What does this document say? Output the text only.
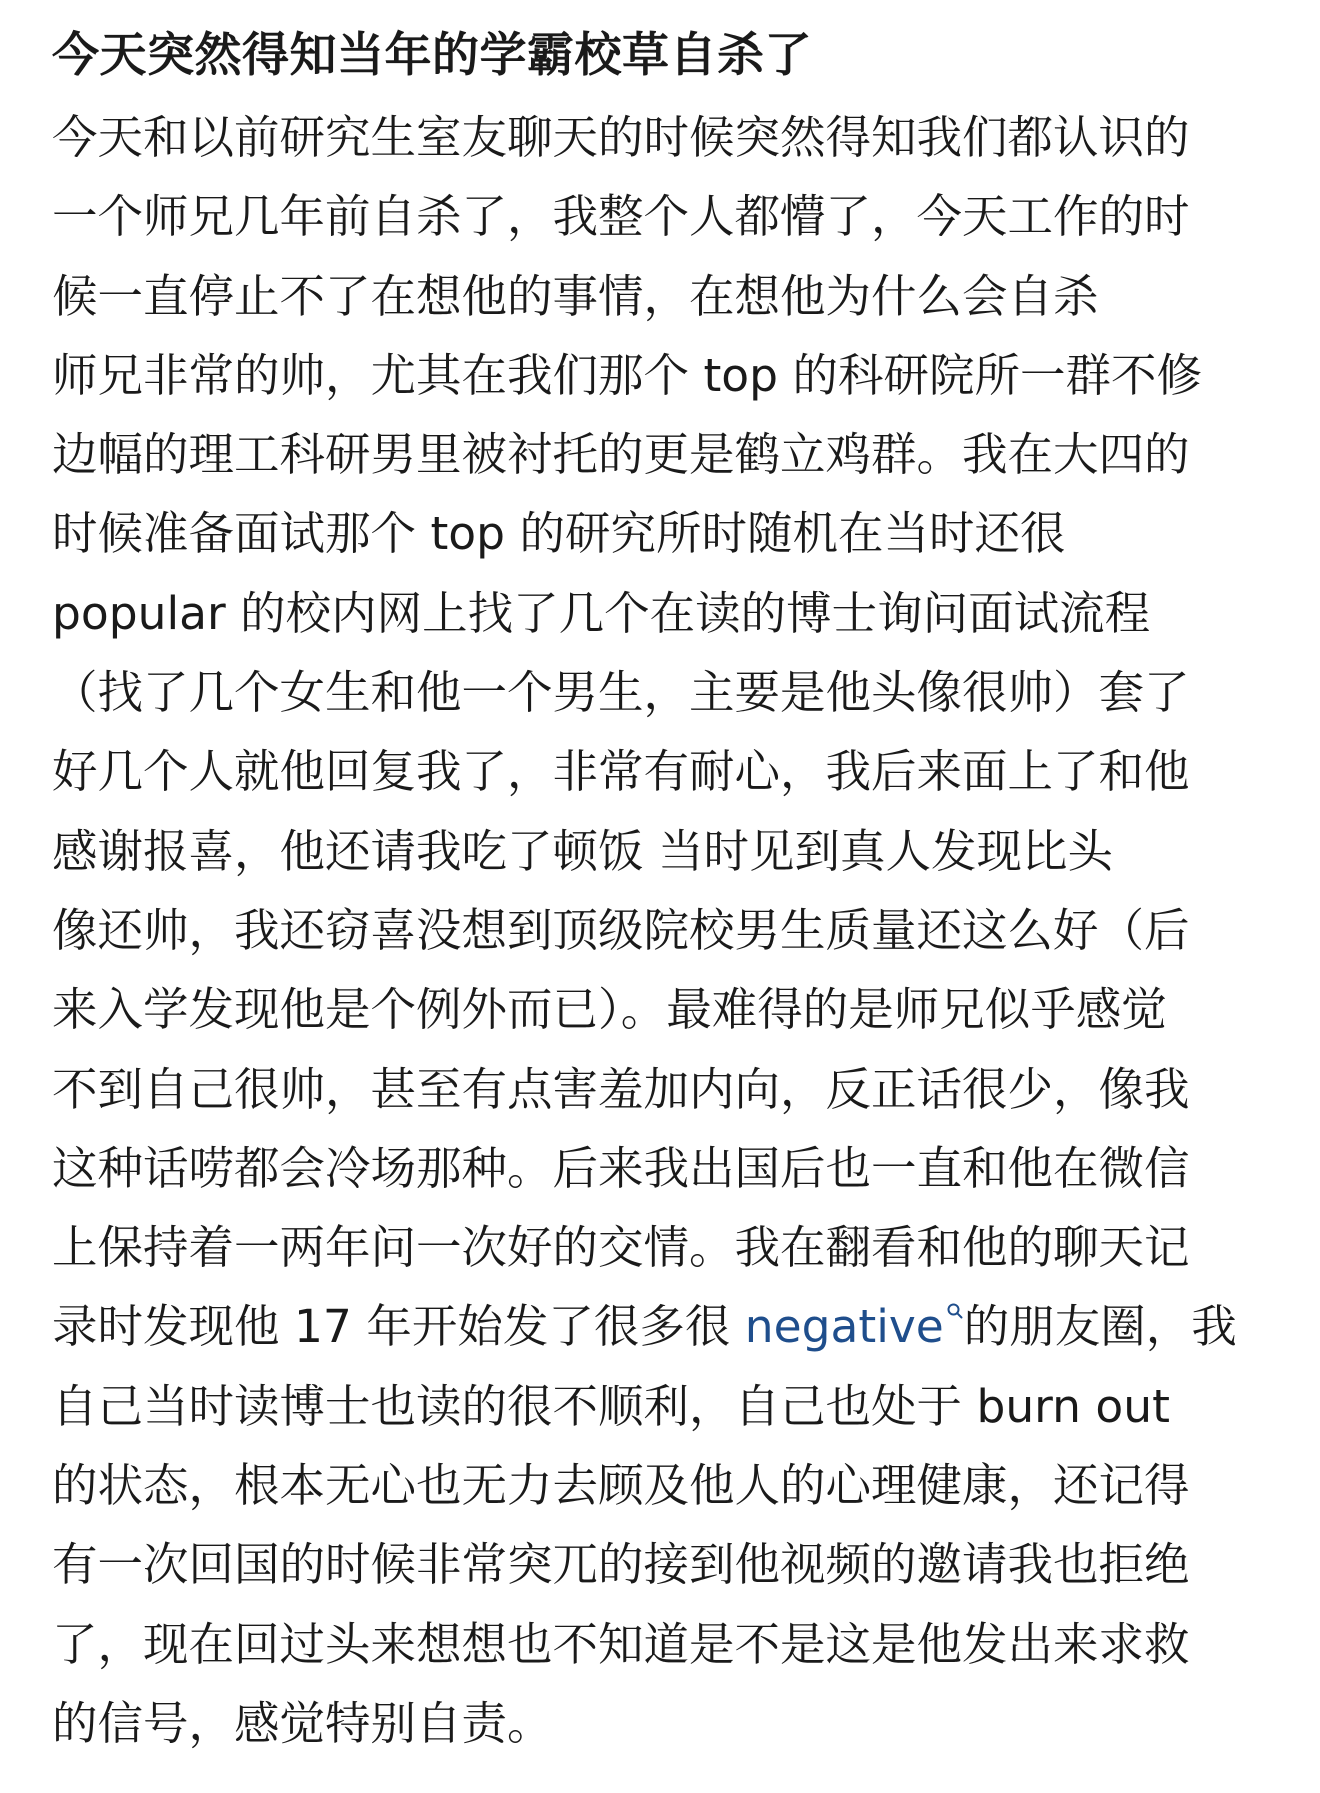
今天突然得知当年的学霸校草自杀了
今天和以前研究生室友聊天的时候突然得知我们都认识的
一个师兄几年前自杀了，我整个人都懵了，今天工作的时
候一直停止不了在想他的事情，在想他为什么会自杀
师兄非常的帅，尤其在我们那个 top 的科研院所一群不修
边幅的理工科研男里被衬托的更是鹤立鸡群。我在大四的
时候准备面试那个 top 的研究所时随机在当时还很
popular 的校内网上找了几个在读的博士询问面试流程
（找了几个女生和他一个男生，主要是他头像很帅）套了
好几个人就他回复我了，非常有耐心，我后来面上了和他
感谢报喜，他还请我吃了顿饭 当时见到真人发现比头
像还帅，我还窃喜没想到顶级院校男生质量还这么好（后
来入学发现他是个例外而已）。最难得的是师兄似乎感觉
不到自己很帅，甚至有点害羞加内向，反正话很少，像我
这种话唠都会冷场那种。后来我出国后也一直和他在微信
上保持着一两年问一次好的交情。我在翻看和他的聊天记
录时发现他 17 年开始发了很多很 negative 的朋友圈，我
自己当时读博士也读的很不顺利，自己也处于 burn out
的状态，根本无心也无力去顾及他人的心理健康，还记得
有一次回国的时候非常突兀的接到他视频的邀请我也拒绝
了，现在回过头来想想也不知道是不是这是他发出来求救
的信号，感觉特别自责。
